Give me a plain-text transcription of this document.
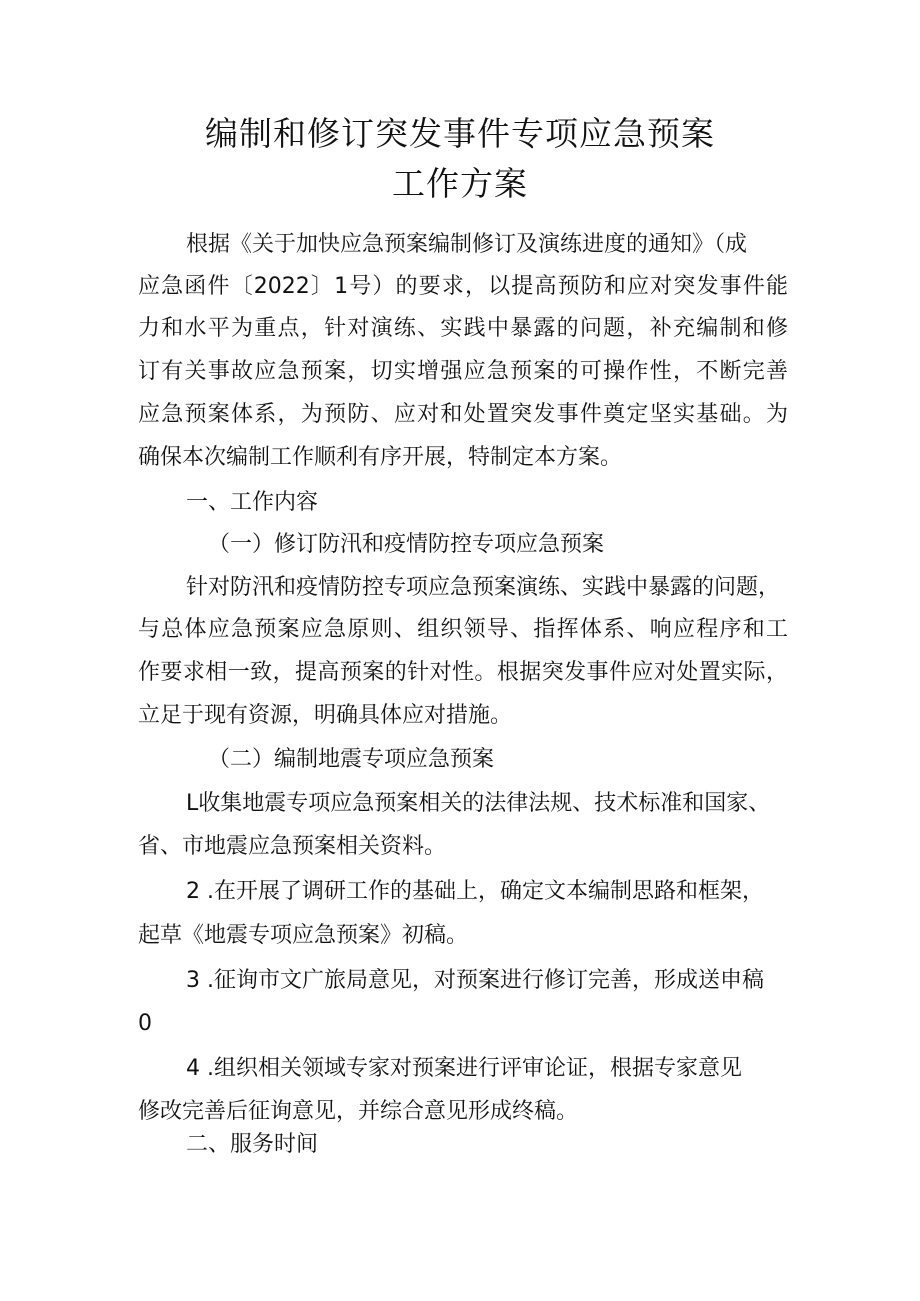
编制和修订突发事件专项应急预案
工作方案

根据《关于加快应急预案编制修订及演练进度的通知》（成

应急函件〔2022〕1号）的要求，以提高预防和应对突发事件能

力和水平为重点，针对演练、实践中暴露的问题，补充编制和修

订有关事故应急预案，切实增强应急预案的可操作性，不断完善

应急预案体系，为预防、应对和处置突发事件奠定坚实基础。为

确保本次编制工作顺利有序开展，特制定本方案。

一、工作内容

（一）修订防汛和疫情防控专项应急预案

针对防汛和疫情防控专项应急预案演练、实践中暴露的问题，

与总体应急预案应急原则、组织领导、指挥体系、响应程序和工

作要求相一致，提高预案的针对性。根据突发事件应对处置实际，

立足于现有资源，明确具体应对措施。

（二）编制地震专项应急预案

L收集地震专项应急预案相关的法律法规、技术标准和国家、

省、市地震应急预案相关资料。

2 .在开展了调研工作的基础上，确定文本编制思路和框架，

起草《地震专项应急预案》初稿。

3 .征询市文广旅局意见，对预案进行修订完善，形成送申稿

0

4 .组织相关领域专家对预案进行评审论证，根据专家意见

修改完善后征询意见，并综合意见形成终稿。

二、服务时间
